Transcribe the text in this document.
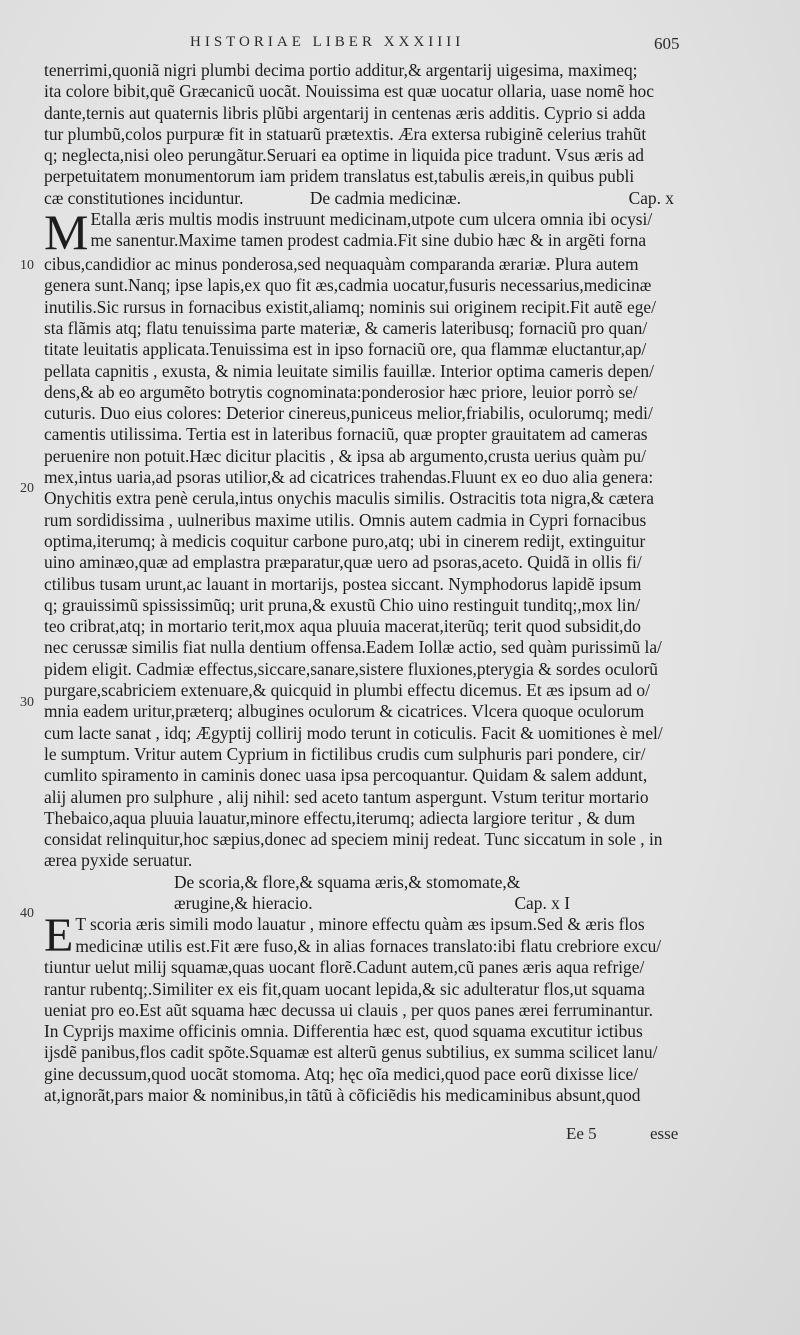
HISTORIAE LIBER XXXIIII	605
10
20
30
40
tenerrimi,quoniã nigri plumbi decima portio additur,& argentarij uigesima, maximeq;
ita colore bibit,quẽ Græcanicũ uocãt. Nouissima est quæ uocatur ollaria, uase nomẽ hoc
dante,ternis aut quaternis libris plũbi argentarij in centenas æris additis. Cyprio si adda
tur plumbũ,colos purpuræ fit in statuarũ prætextis. Æra extersa rubiginẽ celerius trahũt
q; neglecta,nisi oleo perungãtur.Seruari ea optime in liquida pice tradunt. Vsus æris ad
perpetuitatem monumentorum iam pridem translatus est,tabulis æreis,in quibus publi
cæ constitutiones inciduntur.	De cadmia medicinæ.	Cap. x
M Etalla æris multis modis instruunt medicinam,utpote cum ulcera omnia ibi ocysi/
me sanentur.Maxime tamen prodest cadmia.Fit sine dubio hæc & in argẽti forna
cibus,candidior ac minus ponderosa,sed nequaquàm comparanda ærariæ. Plura autem
genera sunt.Nanq; ipse lapis,ex quo fit æs,cadmia uocatur,fusuris necessarius,medicinæ
inutilis.Sic rursus in fornacibus existit,aliamq; nominis sui originem recipit.Fit autẽ ege/
sta flãmis atq; flatu tenuissima parte materiæ, & cameris lateribusq; fornaciũ pro quan/
titate leuitatis applicata.Tenuissima est in ipso fornaciũ ore, qua flammæ eluctantur,ap/
pellata capnitis , exusta, & nimia leuitate similis fauillæ. Interior optima cameris depen/
dens,& ab eo argumẽto botrytis cognominata:ponderosior hæc priore, leuior porrò se/
cuturis. Duo eius colores: Deterior cinereus,puniceus melior,friabilis, oculorumq; medi/
camentis utilissima. Tertia est in lateribus fornaciũ, quæ propter grauitatem ad cameras
peruenire non potuit.Hæc dicitur placitis , & ipsa ab argumento,crusta uerius quàm pu/
mex,intus uaria,ad psoras utilior,& ad cicatrices trahendas.Fluunt ex eo duo alia genera:
Onychitis extra penè cerula,intus onychis maculis similis. Ostracitis tota nigra,& cætera
rum sordidissima , uulneribus maxime utilis. Omnis autem cadmia in Cypri fornacibus
optima,iterumq; à medicis coquitur carbone puro,atq; ubi in cinerem redijt, extinguitur
uino aminæo,quæ ad emplastra præparatur,quæ uero ad psoras,aceto. Quidã in ollis fi/
ctilibus tusam urunt,ac lauant in mortarijs, postea siccant. Nymphodorus lapidẽ ipsum
q; grauissimũ spississimũq; urit pruna,& exustũ Chio uino restinguit tunditq;,mox lin/
teo cribrat,atq; in mortario terit,mox aqua pluuia macerat,iterũq; terit quod subsidit,do
nec cerussæ similis fiat nulla dentium offensa.Eadem Iollæ actio, sed quàm purissimũ la/
pidem eligit. Cadmiæ effectus,siccare,sanare,sistere fluxiones,pterygia & sordes oculorũ
purgare,scabriciem extenuare,& quicquid in plumbi effectu dicemus. Et æs ipsum ad o/
mnia eadem uritur,præterq; albugines oculorum & cicatrices. Vlcera quoque oculorum
cum lacte sanat , idq; Ægyptij collirij modo terunt in coticulis. Facit & uomitiones è mel/
le sumptum. Vritur autem Cyprium in fictilibus crudis cum sulphuris pari pondere, cir/
cumlito spiramento in caminis donec uasa ipsa percoquantur. Quidam & salem addunt,
alij alumen pro sulphure , alij nihil: sed aceto tantum aspergunt. Vstum teritur mortario
Thebaico,aqua pluuia lauatur,minore effectu,iterumq; adiecta largiore teritur , & dum
considat relinquitur,hoc sæpius,donec ad speciem minij redeat. Tunc siccatum in sole , in
ærea pyxide seruatur.
De scoria,& flore,& squama æris,& stomomate,&
ærugine,& hieracio.	Cap. x I
E T scoria æris simili modo lauatur , minore effectu quàm æs ipsum.Sed & æris flos
medicinæ utilis est.Fit ære fuso,& in alias fornaces translato:ibi flatu crebriore excu/
tiuntur uelut milij squamæ,quas uocant florẽ.Cadunt autem,cũ panes æris aqua refrige/
rantur rubentq;.Similiter ex eis fit,quam uocant lepida,& sic adulteratur flos,ut squama
ueniat pro eo.Est aũt squama hæc decussa ui clauis , per quos panes ærei ferruminantur.
In Cyprijs maxime officinis omnia. Differentia hæc est, quod squama excutitur ictibus
ijsdẽ panibus,flos cadit spõte.Squamæ est alterũ genus subtilius, ex summa scilicet lanu/
gine decussum,quod uocãt stomoma. Atq; hęc oĩa medici,quod pace eorũ dixisse lice/
at,ignorãt,pars maior & nominibus,in tãtũ à cõficiẽdis his medicaminibus absunt,quod
Ee 5	esse
